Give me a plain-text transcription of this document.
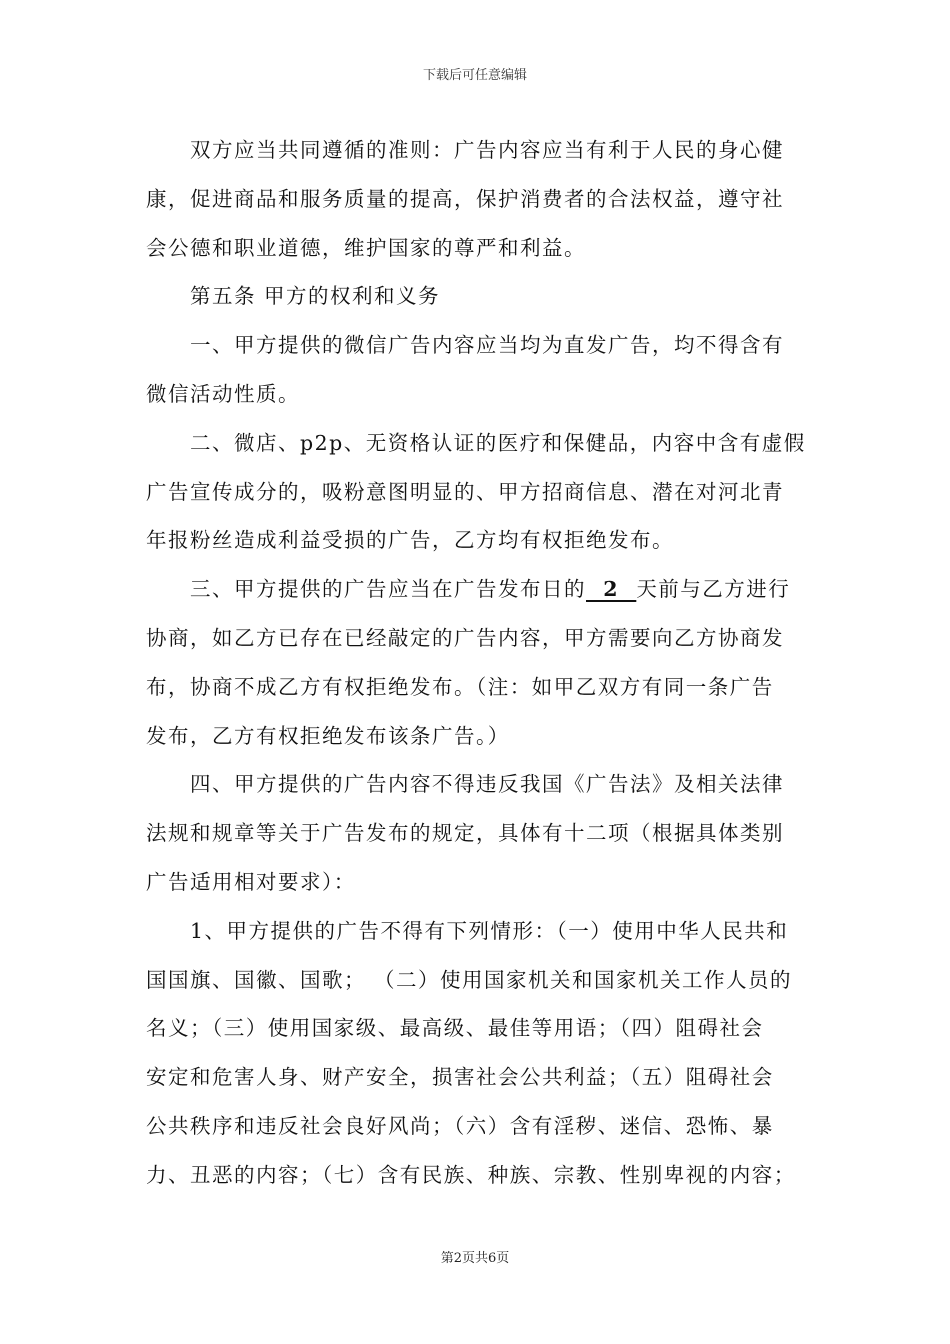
下载后可任意编辑
双方应当共同遵循的准则：广告内容应当有利于人民的身心健
康，促进商品和服务质量的提高，保护消费者的合法权益，遵守社
会公德和职业道德，维护国家的尊严和利益。
第五条 甲方的权利和义务
一、甲方提供的微信广告内容应当均为直发广告，均不得含有
微信活动性质。
二、微店、p2p、无资格认证的医疗和保健品，内容中含有虚假
广告宣传成分的，吸粉意图明显的、甲方招商信息、潜在对河北青
年报粉丝造成利益受损的广告，乙方均有权拒绝发布。
三、甲方提供的广告应当在广告发布日的  2  天前与乙方进行
协商，如乙方已存在已经敲定的广告内容，甲方需要向乙方协商发
布，协商不成乙方有权拒绝发布。（注：如甲乙双方有同一条广告
发布，乙方有权拒绝发布该条广告。）
四、甲方提供的广告内容不得违反我国《广告法》及相关法律
法规和规章等关于广告发布的规定，具体有十二项（根据具体类别
广告适用相对要求）：
1、甲方提供的广告不得有下列情形：（一）使用中华人民共和
国国旗、国徽、国歌； （二）使用国家机关和国家机关工作人员的
名义；（三）使用国家级、最高级、最佳等用语；（四）阻碍社会
安定和危害人身、财产安全，损害社会公共利益；（五）阻碍社会
公共秩序和违反社会良好风尚；（六）含有淫秽、迷信、恐怖、暴
力、丑恶的内容；（七）含有民族、种族、宗教、性别卑视的内容；
第2页共6页
